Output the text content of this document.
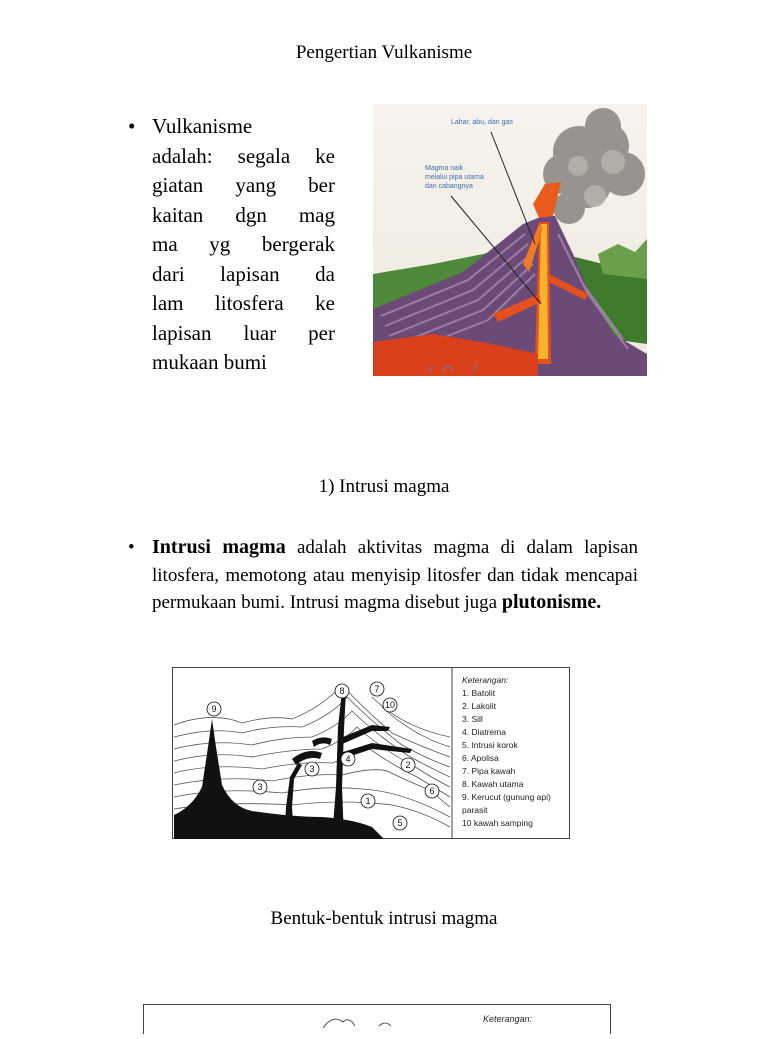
Pengertian Vulkanisme
• Vulkanisme
adalah: segala ke
giatan yang ber
kaitan dgn mag
ma yg bergerak
dari lapisan da
lam litosfera ke
lapisan luar per
mukaan bumi
Lahar, abu, dan gas
Magma naik
melalui pipa utama
dan cabangnya
1) Intrusi magma
• Intrusi magma adalah aktivitas magma di dalam lapisan litosfera, memotong atau menyisip litosfer dan tidak mencapai permukaan bumi. Intrusi magma disebut juga plutonisme.
9
8	7
10
3
4
2
3	6
1
5
Keterangan:
1. Batolit
2. Lakolit
3. Sill
4. Diatrema
5. Intrusi korok
6. Apolisa
7. Pipa kawah
8. Kawah utama
9. Kerucut (gunung api)
parasit
10 kawah samping
Bentuk-bentuk intrusi magma
Keterangan:
